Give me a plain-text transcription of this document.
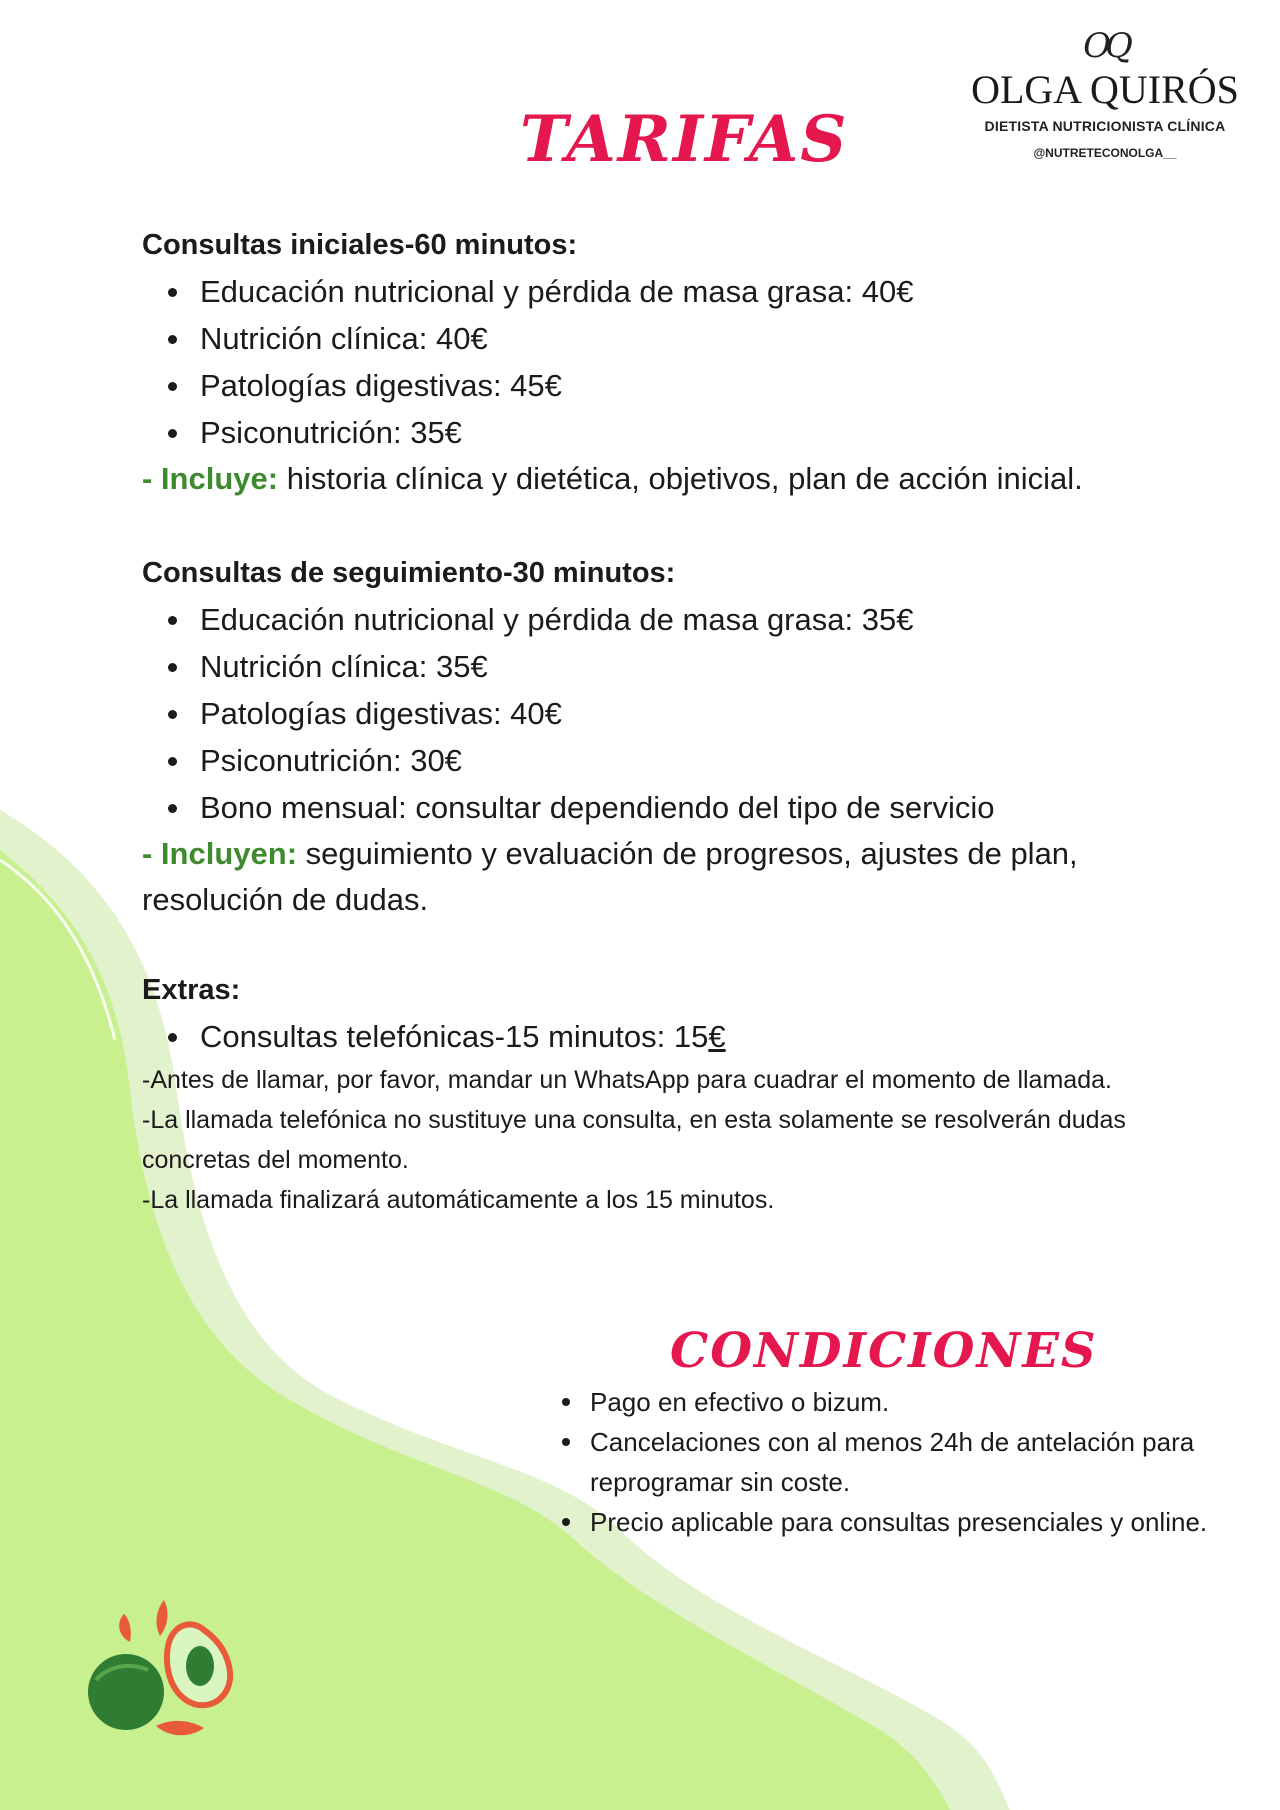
OQ
OLGA QUIRÓS
DIETISTA NUTRICIONISTA CLÍNICA
@NUTRETECONOLGA__
TARIFAS
Consultas iniciales-60 minutos:
Educación nutricional y pérdida de masa grasa: 40€
Nutrición clínica: 40€
Patologías digestivas: 45€
Psiconutrición: 35€
- Incluye: historia clínica y dietética, objetivos, plan de acción inicial.
Consultas de seguimiento-30 minutos:
Educación nutricional y pérdida de masa grasa: 35€
Nutrición clínica: 35€
Patologías digestivas: 40€
Psiconutrición: 30€
Bono mensual: consultar dependiendo del tipo de servicio
- Incluyen: seguimiento y evaluación de progresos, ajustes de plan, resolución de dudas.
Extras:
Consultas telefónicas-15 minutos: 15€
-Antes de llamar, por favor, mandar un WhatsApp para cuadrar el momento de llamada.
-La llamada telefónica no sustituye una consulta, en esta solamente se resolverán dudas concretas del momento.
-La llamada finalizará automáticamente a los 15 minutos.
CONDICIONES
Pago en efectivo o bizum.
Cancelaciones con al menos 24h de antelación para reprogramar sin coste.
Precio aplicable para consultas presenciales y online.
